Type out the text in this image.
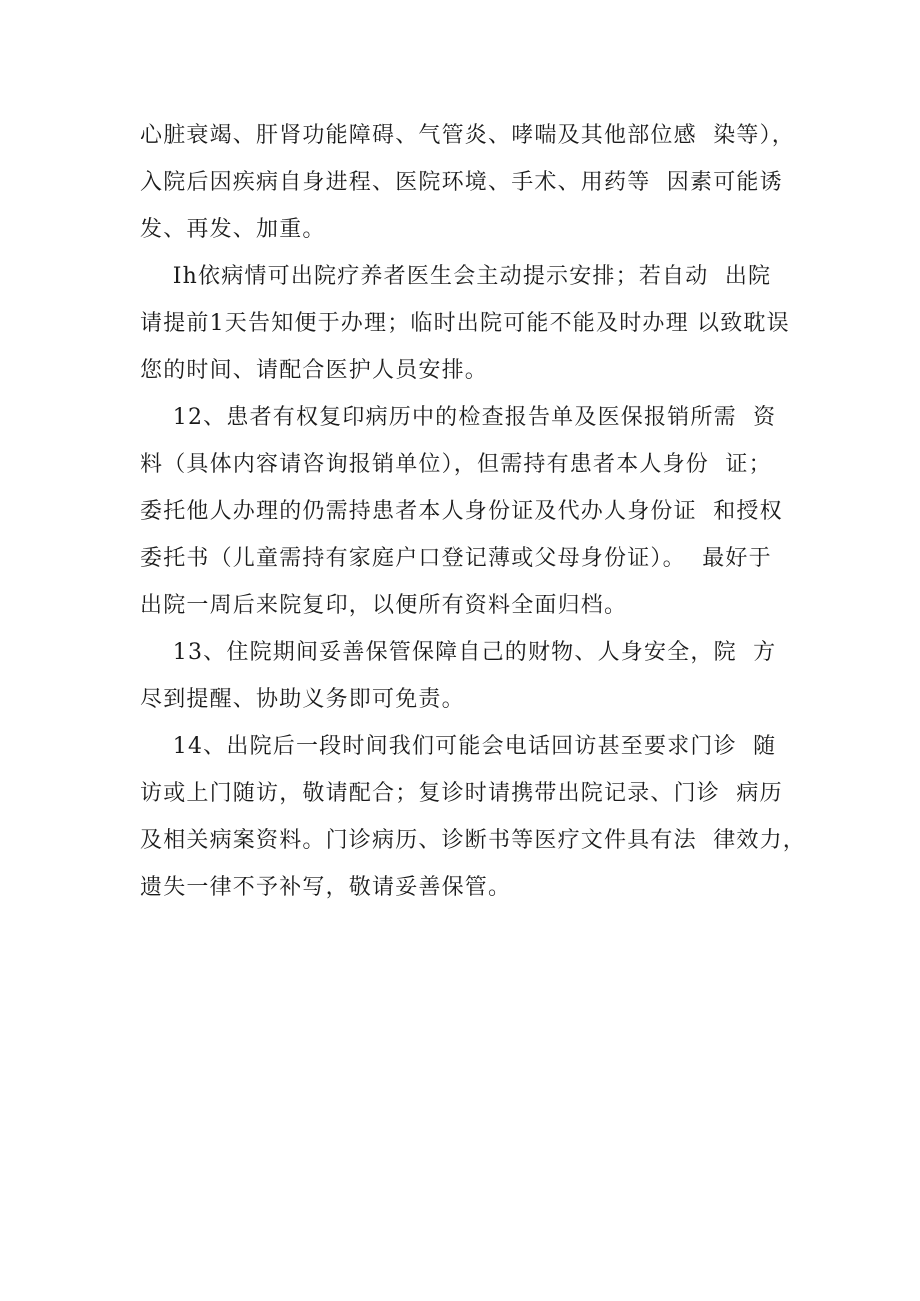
心脏衰竭、肝肾功能障碍、气管炎、哮喘及其他部位感  染等），
入院后因疾病自身进程、医院环境、手术、用药等  因素可能诱
发、再发、加重。
Ih依病情可出院疗养者医生会主动提示安排；若自动  出院
请提前1天告知便于办理；临时出院可能不能及时办理 以致耽误
您的时间、请配合医护人员安排。
12、患者有权复印病历中的检查报告单及医保报销所需  资
料（具体内容请咨询报销单位），但需持有患者本人身份  证；
委托他人办理的仍需持患者本人身份证及代办人身份证  和授权
委托书（儿童需持有家庭户口登记薄或父母身份证）。  最好于
出院一周后来院复印，以便所有资料全面归档。
13、住院期间妥善保管保障自己的财物、人身安全，院  方
尽到提醒、协助义务即可免责。
14、出院后一段时间我们可能会电话回访甚至要求门诊  随
访或上门随访，敬请配合；复诊时请携带出院记录、门诊  病历
及相关病案资料。门诊病历、诊断书等医疗文件具有法  律效力，
遗失一律不予补写，敬请妥善保管。
